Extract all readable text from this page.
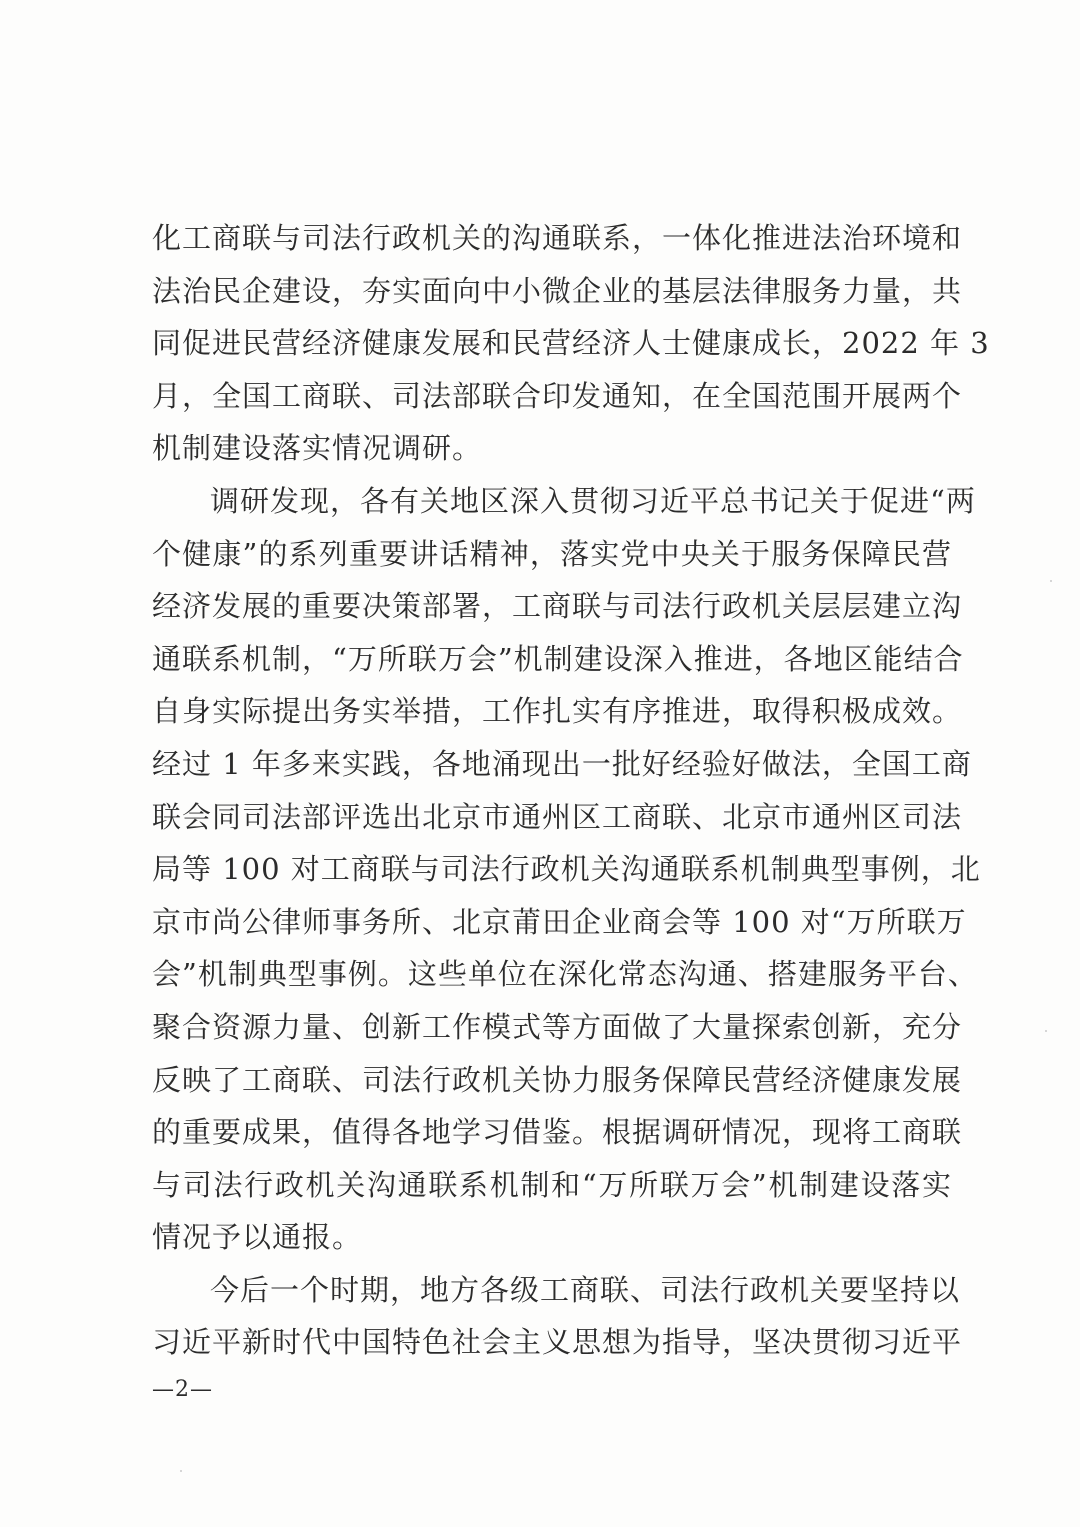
化工商联与司法行政机关的沟通联系，一体化推进法治环境和
法治民企建设，夯实面向中小微企业的基层法律服务力量，共
同促进民营经济健康发展和民营经济人士健康成长，2022 年 3
月，全国工商联、司法部联合印发通知，在全国范围开展两个
机制建设落实情况调研。
调研发现，各有关地区深入贯彻习近平总书记关于促进“两
个健康”的系列重要讲话精神，落实党中央关于服务保障民营
经济发展的重要决策部署，工商联与司法行政机关层层建立沟
通联系机制，“万所联万会”机制建设深入推进，各地区能结合
自身实际提出务实举措，工作扎实有序推进，取得积极成效。
经过 1 年多来实践，各地涌现出一批好经验好做法，全国工商
联会同司法部评选出北京市通州区工商联、北京市通州区司法
局等 100 对工商联与司法行政机关沟通联系机制典型事例，北
京市尚公律师事务所、北京莆田企业商会等 100 对“万所联万
会”机制典型事例。这些单位在深化常态沟通、搭建服务平台、
聚合资源力量、创新工作模式等方面做了大量探索创新，充分
反映了工商联、司法行政机关协力服务保障民营经济健康发展
的重要成果，值得各地学习借鉴。根据调研情况，现将工商联
与司法行政机关沟通联系机制和“万所联万会”机制建设落实
情况予以通报。
今后一个时期，地方各级工商联、司法行政机关要坚持以
习近平新时代中国特色社会主义思想为指导，坚决贯彻习近平
—2—
